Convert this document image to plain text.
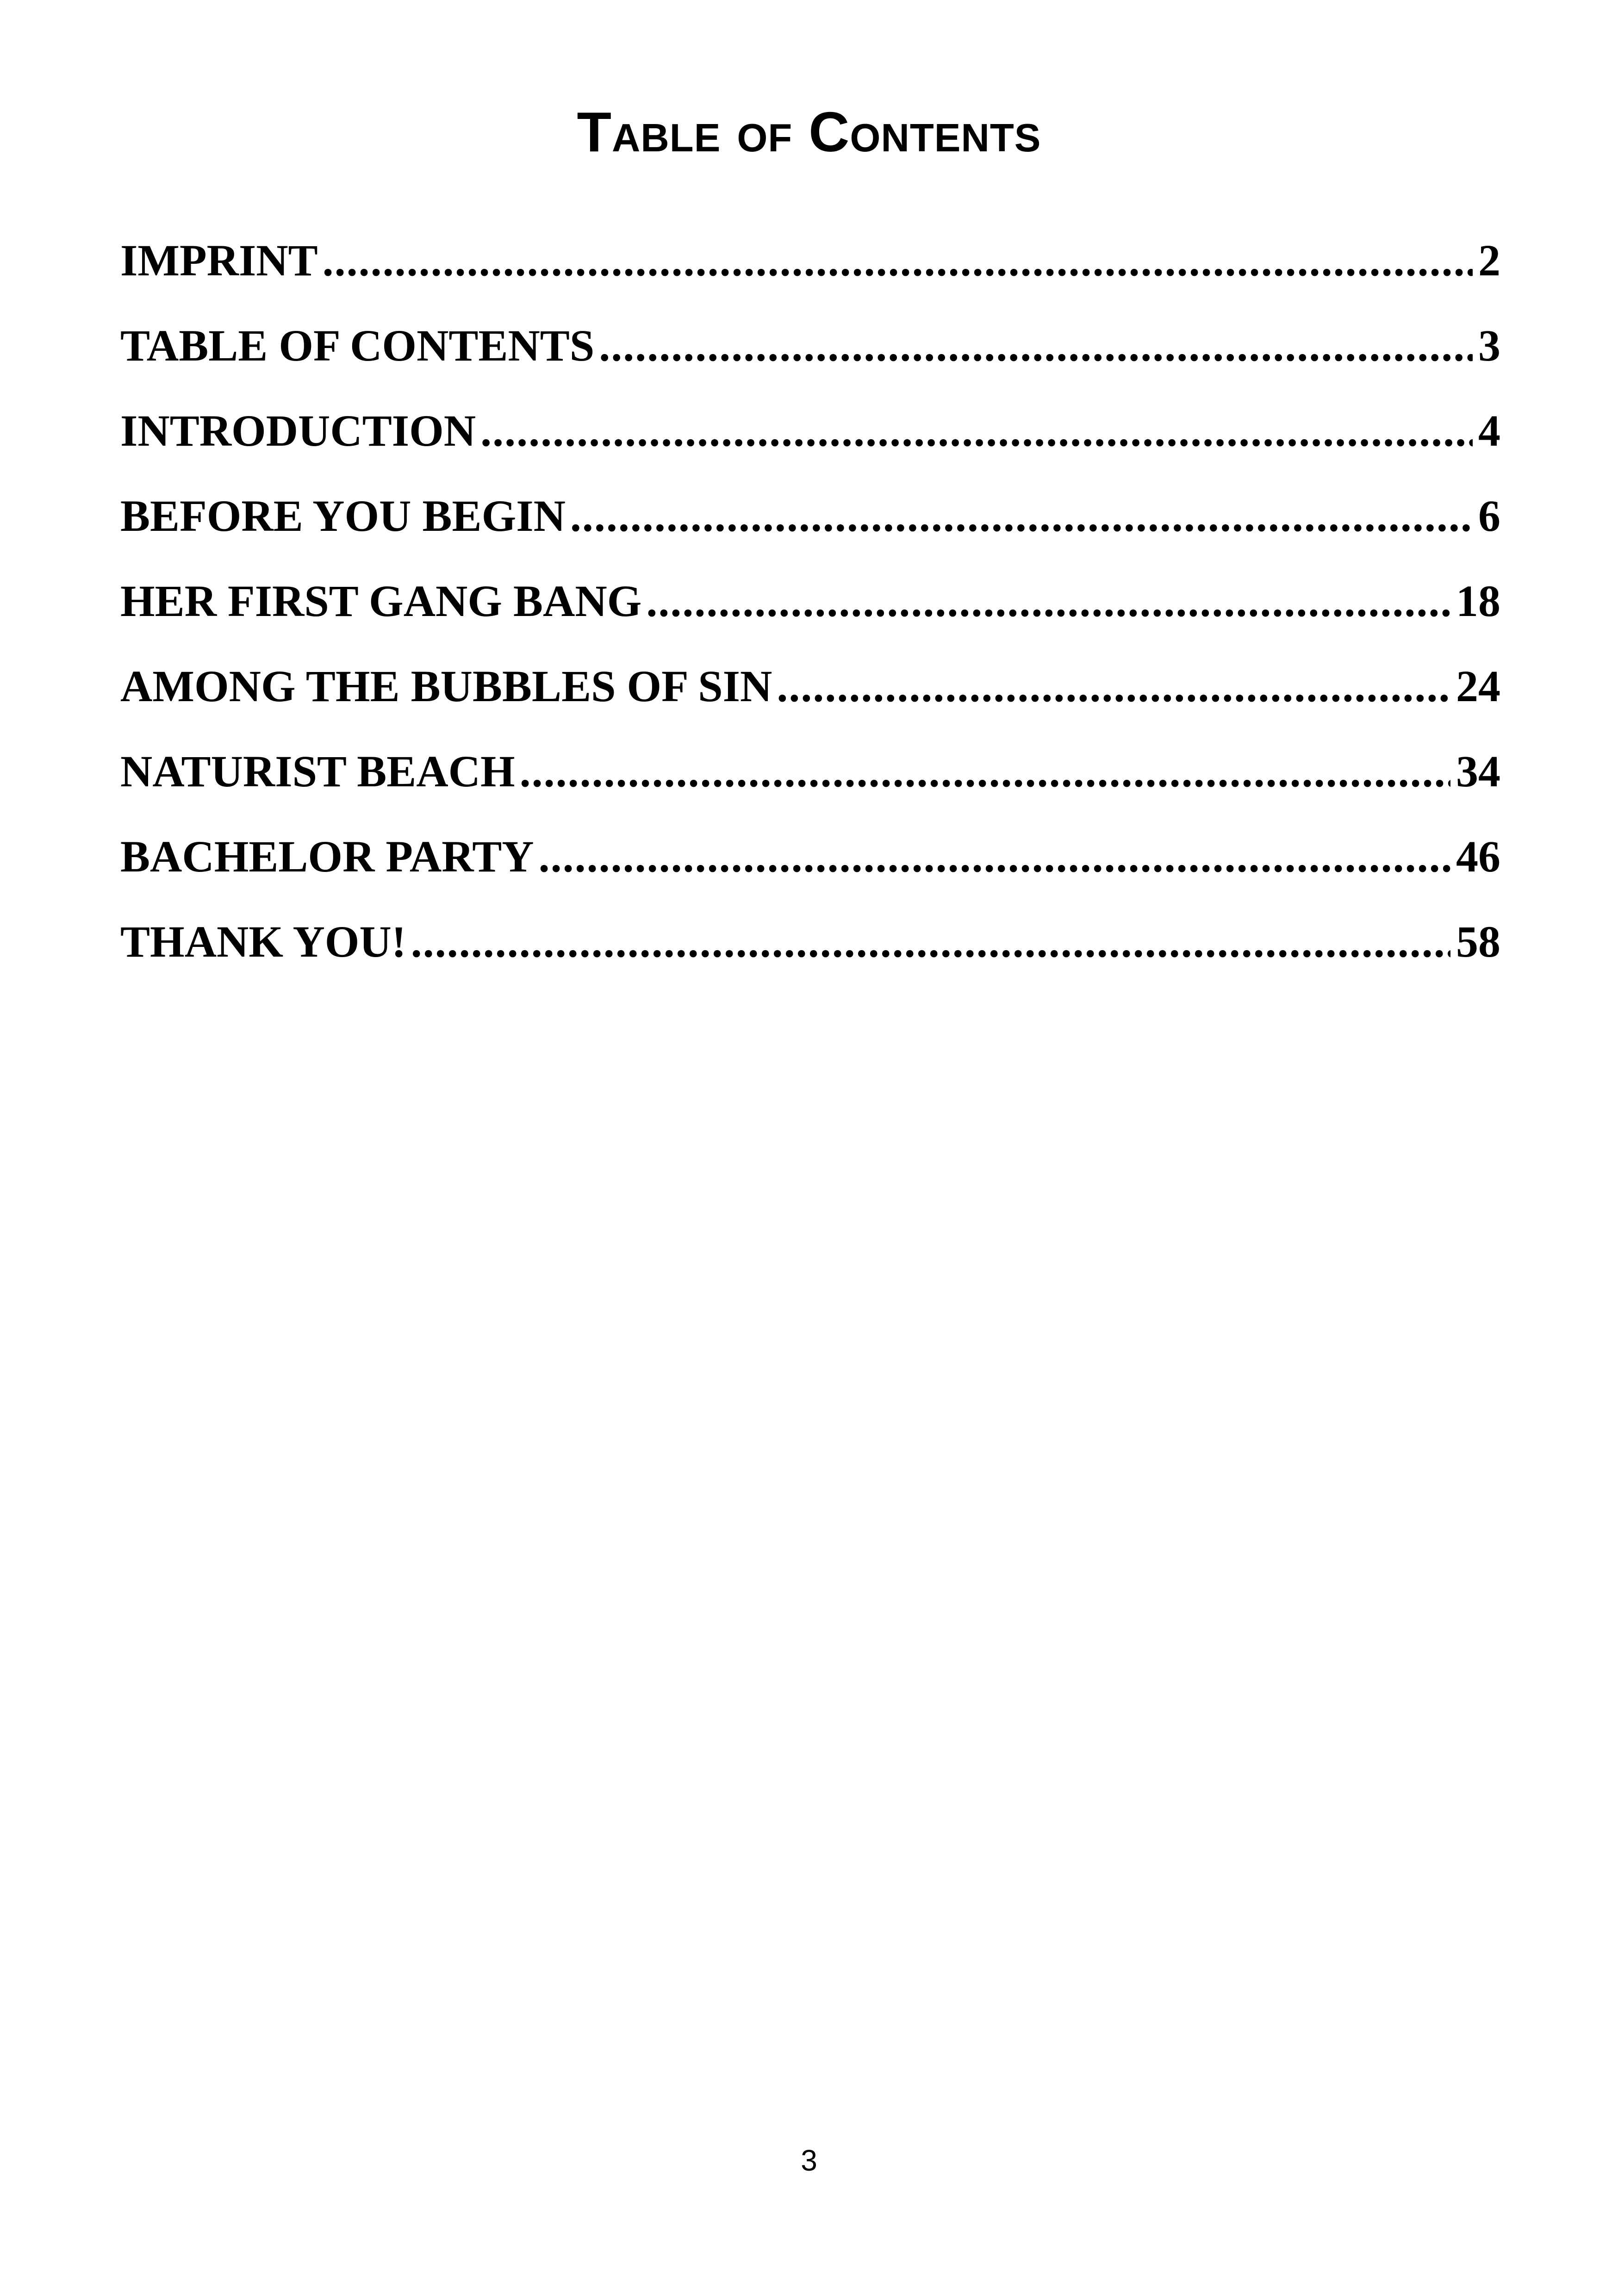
Table of Contents
IMPRINT .....	2
TABLE OF CONTENTS .....	3
INTRODUCTION .....	4
BEFORE YOU BEGIN .....	6
HER FIRST GANG BANG .....	18
AMONG THE BUBBLES OF SIN .....	24
NATURIST BEACH .....	34
BACHELOR PARTY .....	46
THANK YOU! .....	58
3
